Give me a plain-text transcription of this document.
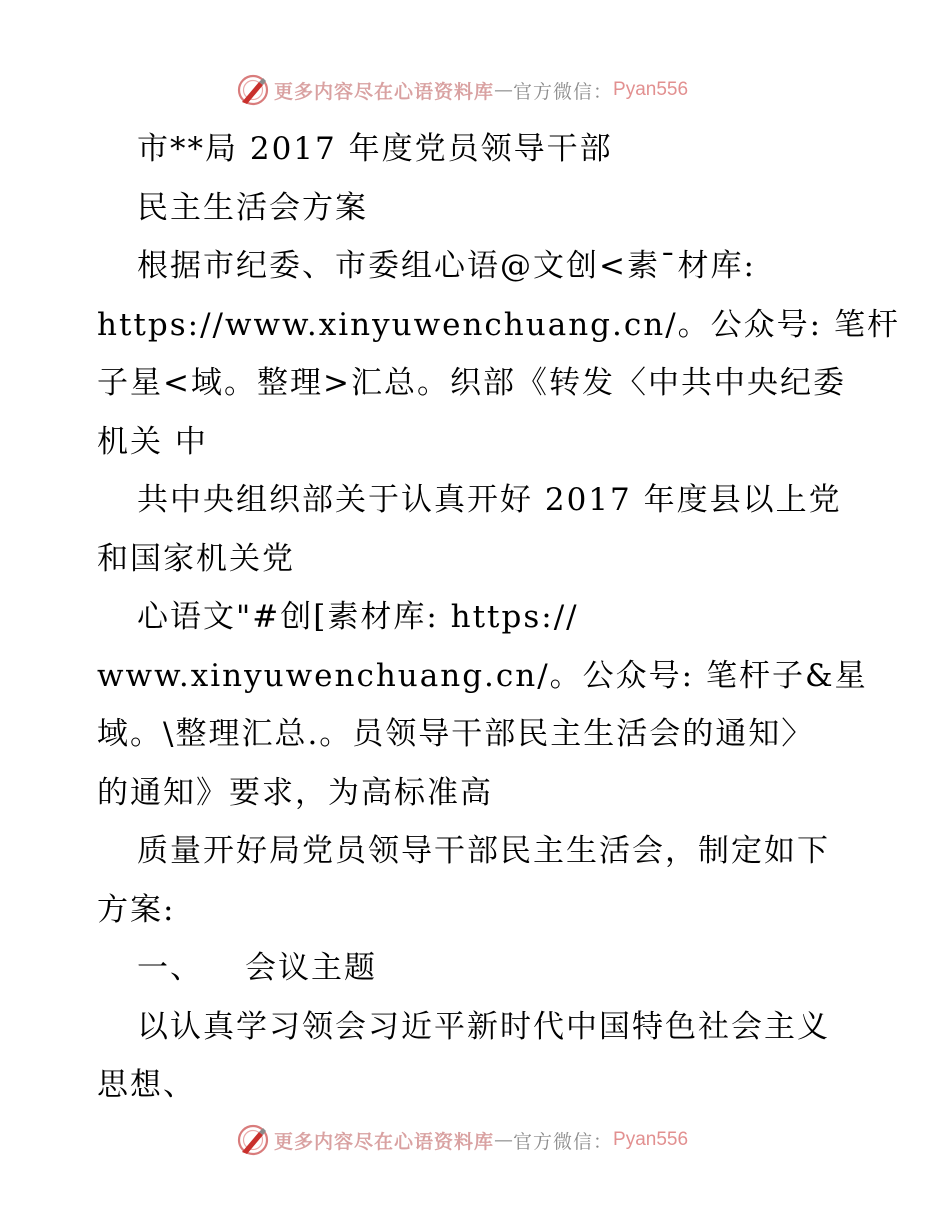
更多内容尽在心语资料库 — 官方微信： Pyan556
市**局 2017 年度党员领导干部
民主生活会方案
根据市纪委、市委组心语@文创<素¯材库:
https://www.xinyuwenchuang.cn/。公众号: 笔杆
子星<域。整理>汇总。织部《转发〈中共中央纪委
机关 中
共中央组织部关于认真开好 2017 年度县以上党
和国家机关党
心语文"#创[素材库: https://
www.xinyuwenchuang.cn/。公众号: 笔杆子&星
域。\整理汇总.。员领导干部民主生活会的通知〉
的通知》要求，为高标准高
质量开好局党员领导干部民主生活会，制定如下
方案:
一、 会议主题
以认真学习领会习近平新时代中国特色社会主义
思想、
更多内容尽在心语资料库 — 官方微信： Pyan556
